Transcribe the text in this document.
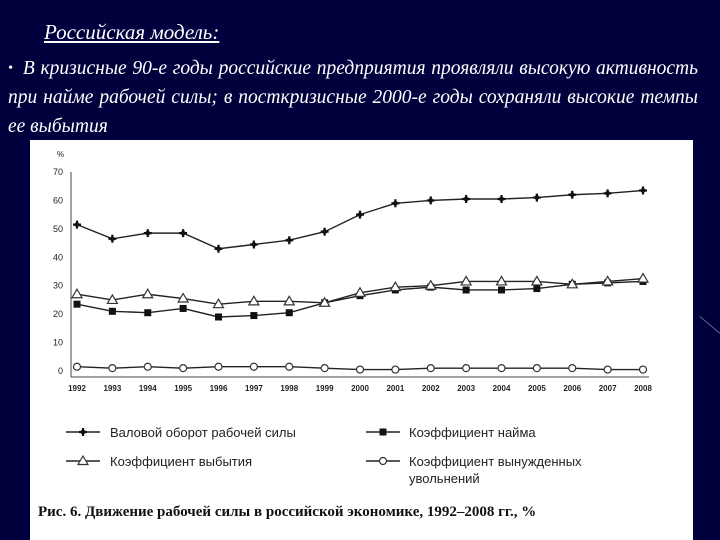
Российская модель:
• В кризисные 90-е годы российские предприятия проявляли высокую активность при найме рабочей силы; в посткризисные 2000-е годы сохраняли высокие темпы ее выбытия
%
0
10
20
30
40
50
60
70
1992 1993 1994 1995 1996 1997 1998 1999 2000 2001 2002 2003 2004 2005 2006 2007 2008
Валовой оборот рабочей силы	Коэффициент найма
Коэффициент выбытия	Коэффициент вынужденных
увольнений
Рис. 6. Движение рабочей силы в российской экономике, 1992–2008 гг., %
